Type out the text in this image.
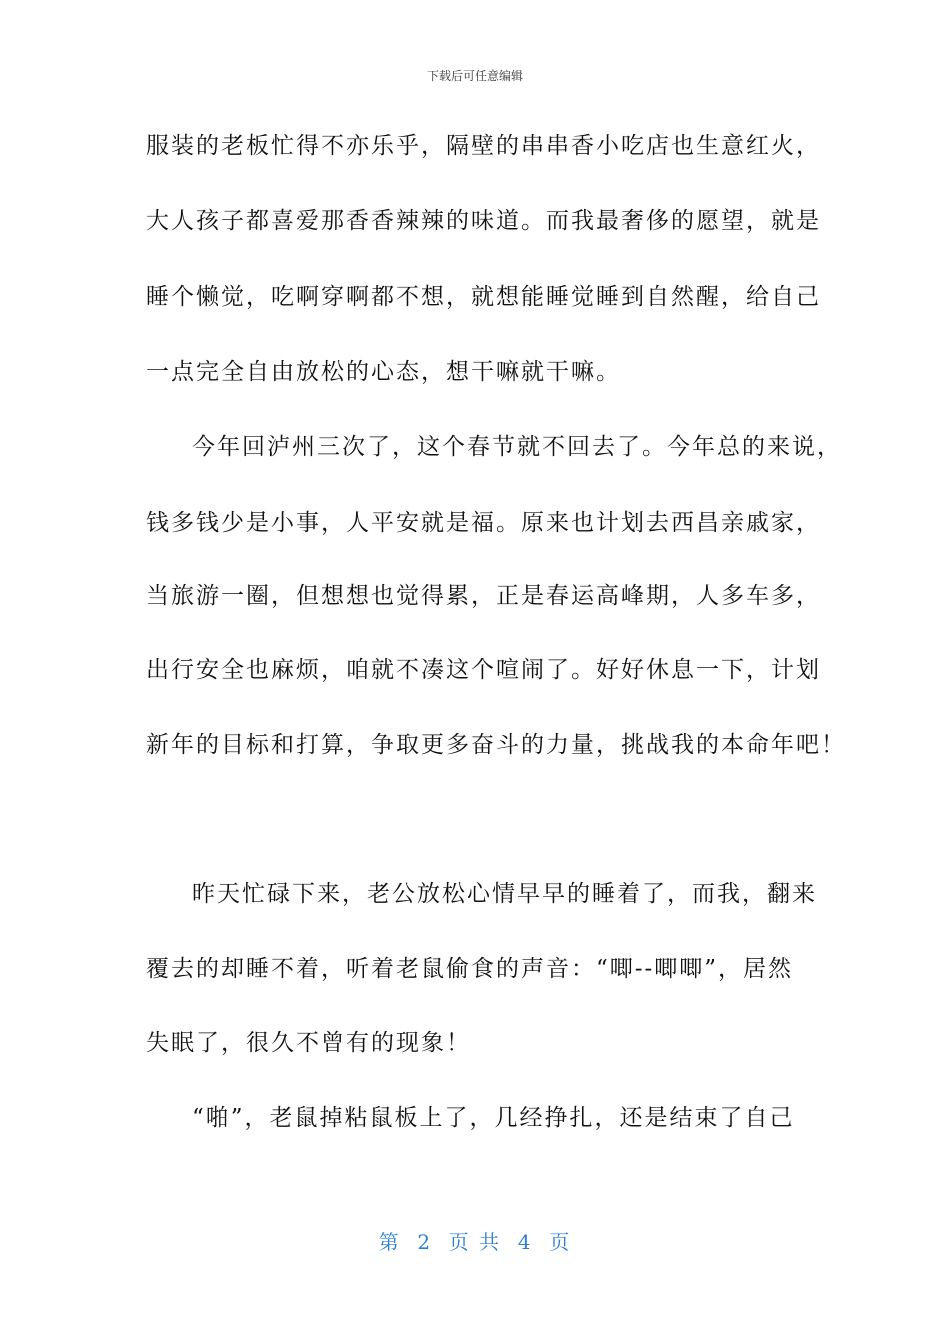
下载后可任意编辑
服装的老板忙得不亦乐乎，隔壁的串串香小吃店也生意红火，
大人孩子都喜爱那香香辣辣的味道。而我最奢侈的愿望，就是
睡个懒觉，吃啊穿啊都不想，就想能睡觉睡到自然醒，给自己
一点完全自由放松的心态，想干嘛就干嘛。
今年回泸州三次了，这个春节就不回去了。今年总的来说，
钱多钱少是小事，人平安就是福。原来也计划去西昌亲戚家，
当旅游一圈，但想想也觉得累，正是春运高峰期，人多车多，
出行安全也麻烦，咱就不凑这个喧闹了。好好休息一下，计划
新年的目标和打算，争取更多奋斗的力量，挑战我的本命年吧！
昨天忙碌下来，老公放松心情早早的睡着了，而我，翻来
覆去的却睡不着，听着老鼠偷食的声音：“唧--唧唧”，居然
失眠了，很久不曾有的现象！
“啪”，老鼠掉粘鼠板上了，几经挣扎，还是结束了自己
第  2  页 共  4  页
